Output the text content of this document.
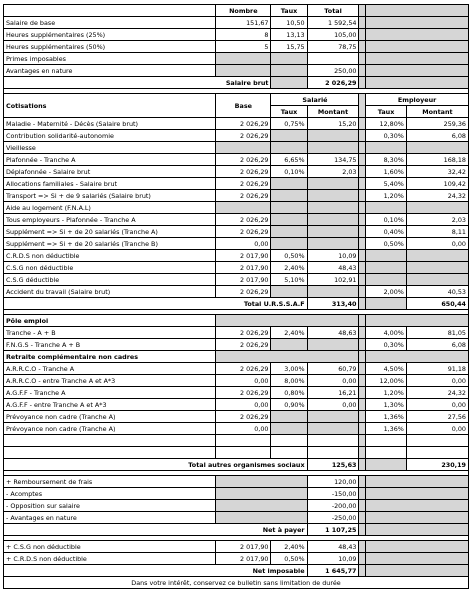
	Nombre	Taux	Total			
Salaire de base	151,67	10,50	1 592,54			
Heures supplémentaires (25%)	8	13,13	105,00			
Heures supplémentaires (50%)	5	15,75	78,75			
Primes imposables						
Avantages en nature			250,00			
Salaire brut			2 026,29			

Cotisations	Base	Salarié			Employeur	
		Taux	Montant		Taux	Montant
Maladie - Maternité - Décès (Salaire brut)	2 026,29	0,75%	15,20		12,80%	259,36
Contribution solidarité-autonomie	2 026,29				0,30%	6,08
Vieillesse						
Plafonnée - Tranche A	2 026,29	6,65%	134,75		8,30%	168,18
Déplafonnée - Salaire brut	2 026,29	0,10%	2,03		1,60%	32,42
Allocations familiales - Salaire brut	2 026,29				5,40%	109,42
Transport => Si + de 9 salariés (Salaire brut)	2 026,29				1,20%	24,32
Aide au logement (F.N.A.L)						
Tous employeurs - Plafonnée - Tranche A	2 026,29				0,10%	2,03
Supplément => Si + de 20 salariés (Tranche A)	2 026,29				0,40%	8,11
Supplément => Si + de 20 salariés (Tranche B)	0,00				0,50%	0,00
C.R.D.S non déductible	2 017,90	0,50%	10,09			
C.S.G non déductible	2 017,90	2,40%	48,43			
C.S.G déductible	2 017,90	5,10%	102,91			
Accident du travail (Salaire brut)	2 026,29				2,00%	40,53
Total U.R.S.S.A.F			313,40			650,44

Pôle emploi						
Tranche - A + B	2 026,29	2,40%	48,63		4,00%	81,05
F.N.G.S - Tranche A + B	2 026,29				0,30%	6,08
Retraite complémentaire non cadres						
A.R.R.C.O - Tranche A	2 026,29	3,00%	60,79		4,50%	91,18
A.R.R.C.O - entre Tranche A et A*3	0,00	8,00%	0,00		12,00%	0,00
A.G.F.F - Tranche A	2 026,29	0,80%	16,21		1,20%	24,32
A.G.F.F - entre Tranche A et A*3	0,00	0,90%	0,00		1,30%	0,00
Prévoyance non cadre (Tranche A)	2 026,29				1,36%	27,56
Prévoyance non cadre (Tranche A)	0,00				1,36%	0,00

Total autres organismes sociaux			125,63			230,19

+ Remboursement de frais			120,00			
- Acomptes			-150,00			
- Opposition sur salaire			-200,00			
- Avantages en nature			-250,00			
Net à payer			1 107,25			

+ C.S.G non déductible	2 017,90	2,40%	48,43			
+ C.R.D.S non déductible	2 017,90	0,50%	10,09			
Net imposable			1 645,77			
Dans votre intérêt, conservez ce bulletin sans limitation de durée						
